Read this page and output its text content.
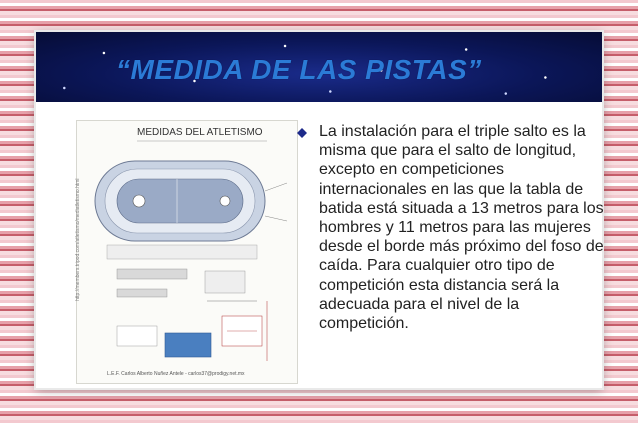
“MEDIDA DE LAS PISTAS”
MEDIDAS DEL ATLETISMO
http://members.tripod.com/atletismo/mediatletismo.html
L.E.F. Carlos Alberto Nuñez Antele - carlos37@prodigy.net.mx
La instalación para el triple salto es la misma que para el salto de longitud, excepto en competiciones internacionales en las que la tabla de batida está situada a 13 metros para los hombres y 11 metros para las mujeres desde el borde más próximo del foso de caída. Para cualquier otro tipo de competición esta distancia será la adecuada para el nivel de la competición.
